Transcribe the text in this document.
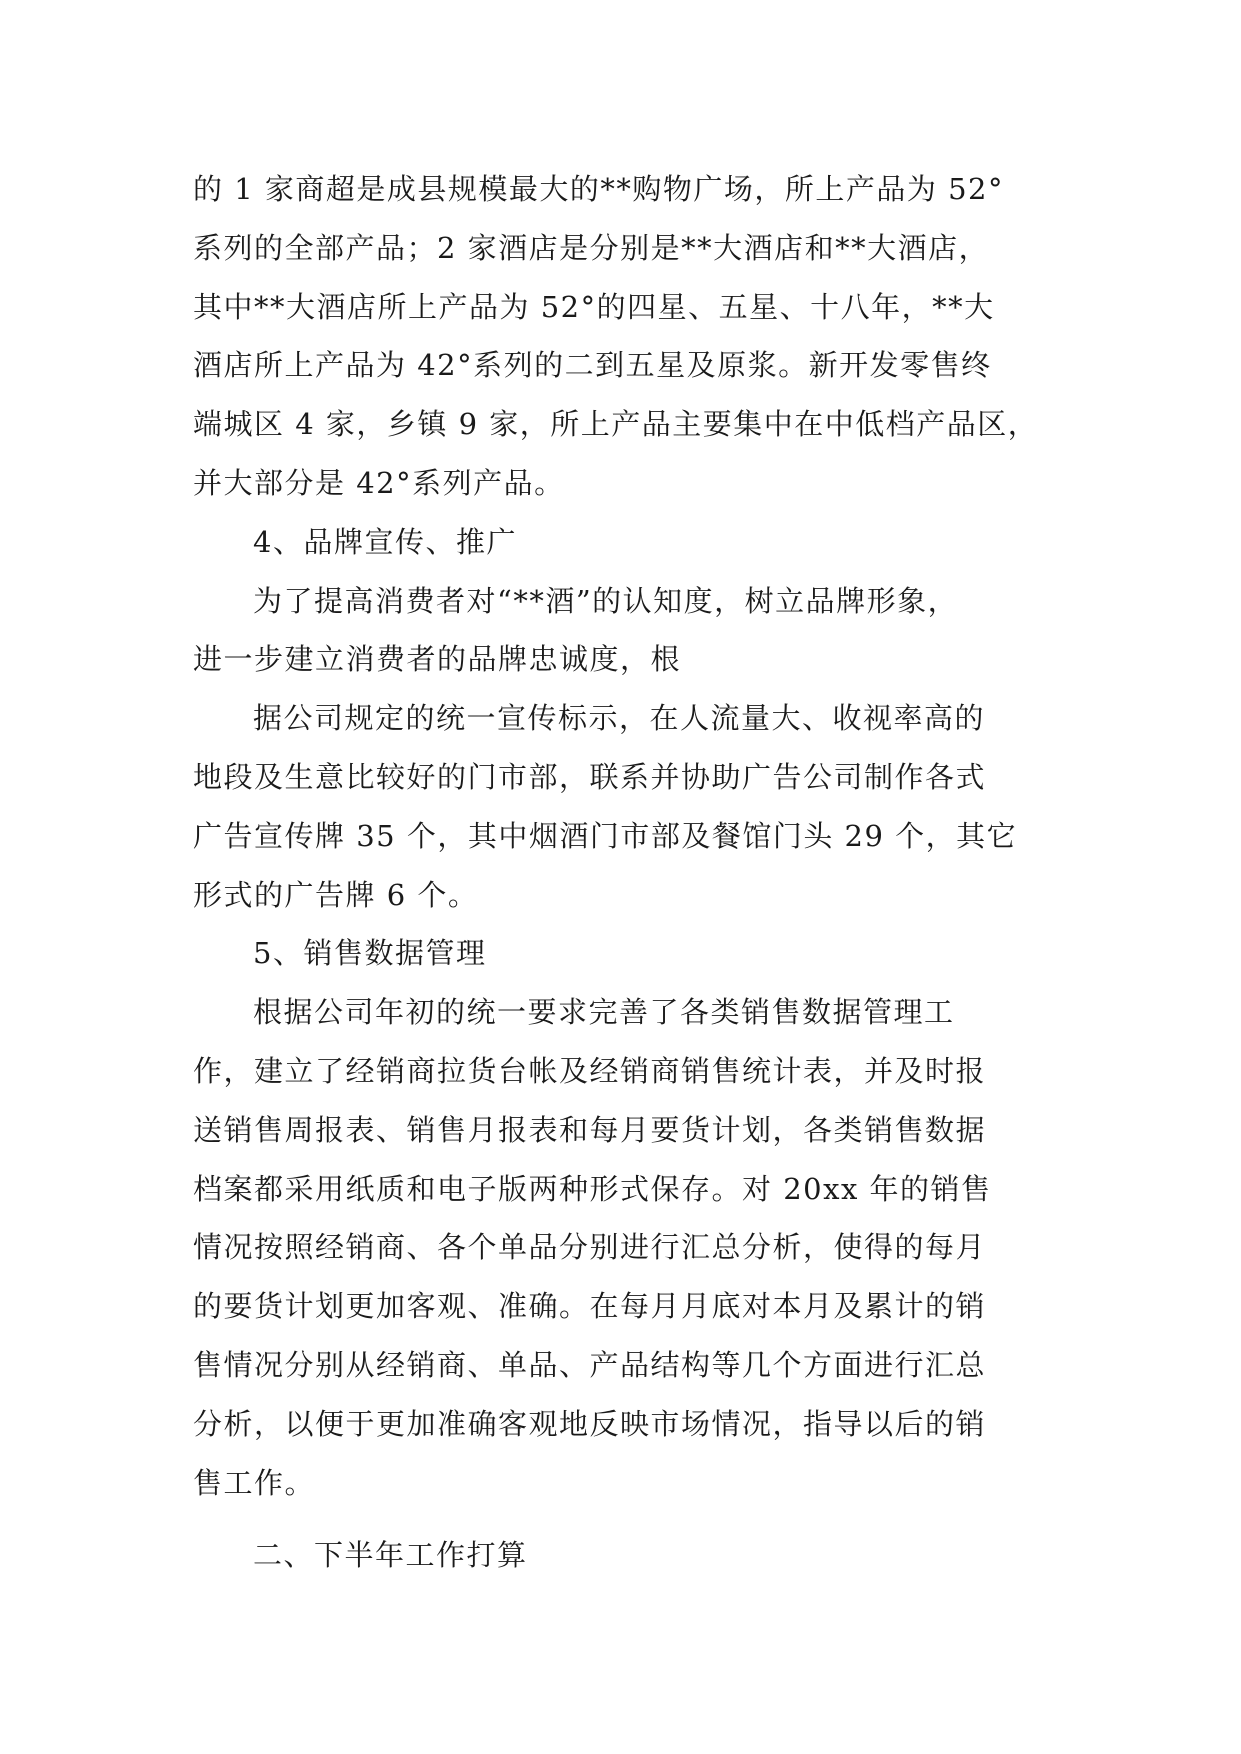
的 1 家商超是成县规模最大的**购物广场，所上产品为 52°
系列的全部产品；2 家酒店是分别是**大酒店和**大酒店，
其中**大酒店所上产品为 52°的四星、五星、十八年，**大
酒店所上产品为 42°系列的二到五星及原浆。新开发零售终
端城区 4 家，乡镇 9 家，所上产品主要集中在中低档产品区，
并大部分是 42°系列产品。
4、品牌宣传、推广
为了提高消费者对“**酒”的认知度，树立品牌形象，
进一步建立消费者的品牌忠诚度，根
据公司规定的统一宣传标示，在人流量大、收视率高的
地段及生意比较好的门市部，联系并协助广告公司制作各式
广告宣传牌 35 个，其中烟酒门市部及餐馆门头 29 个，其它
形式的广告牌 6 个。
5、销售数据管理
根据公司年初的统一要求完善了各类销售数据管理工
作，建立了经销商拉货台帐及经销商销售统计表，并及时报
送销售周报表、销售月报表和每月要货计划，各类销售数据
档案都采用纸质和电子版两种形式保存。对 20xx 年的销售
情况按照经销商、各个单品分别进行汇总分析，使得的每月
的要货计划更加客观、准确。在每月月底对本月及累计的销
售情况分别从经销商、单品、产品结构等几个方面进行汇总
分析，以便于更加准确客观地反映市场情况，指导以后的销
售工作。
二、下半年工作打算
